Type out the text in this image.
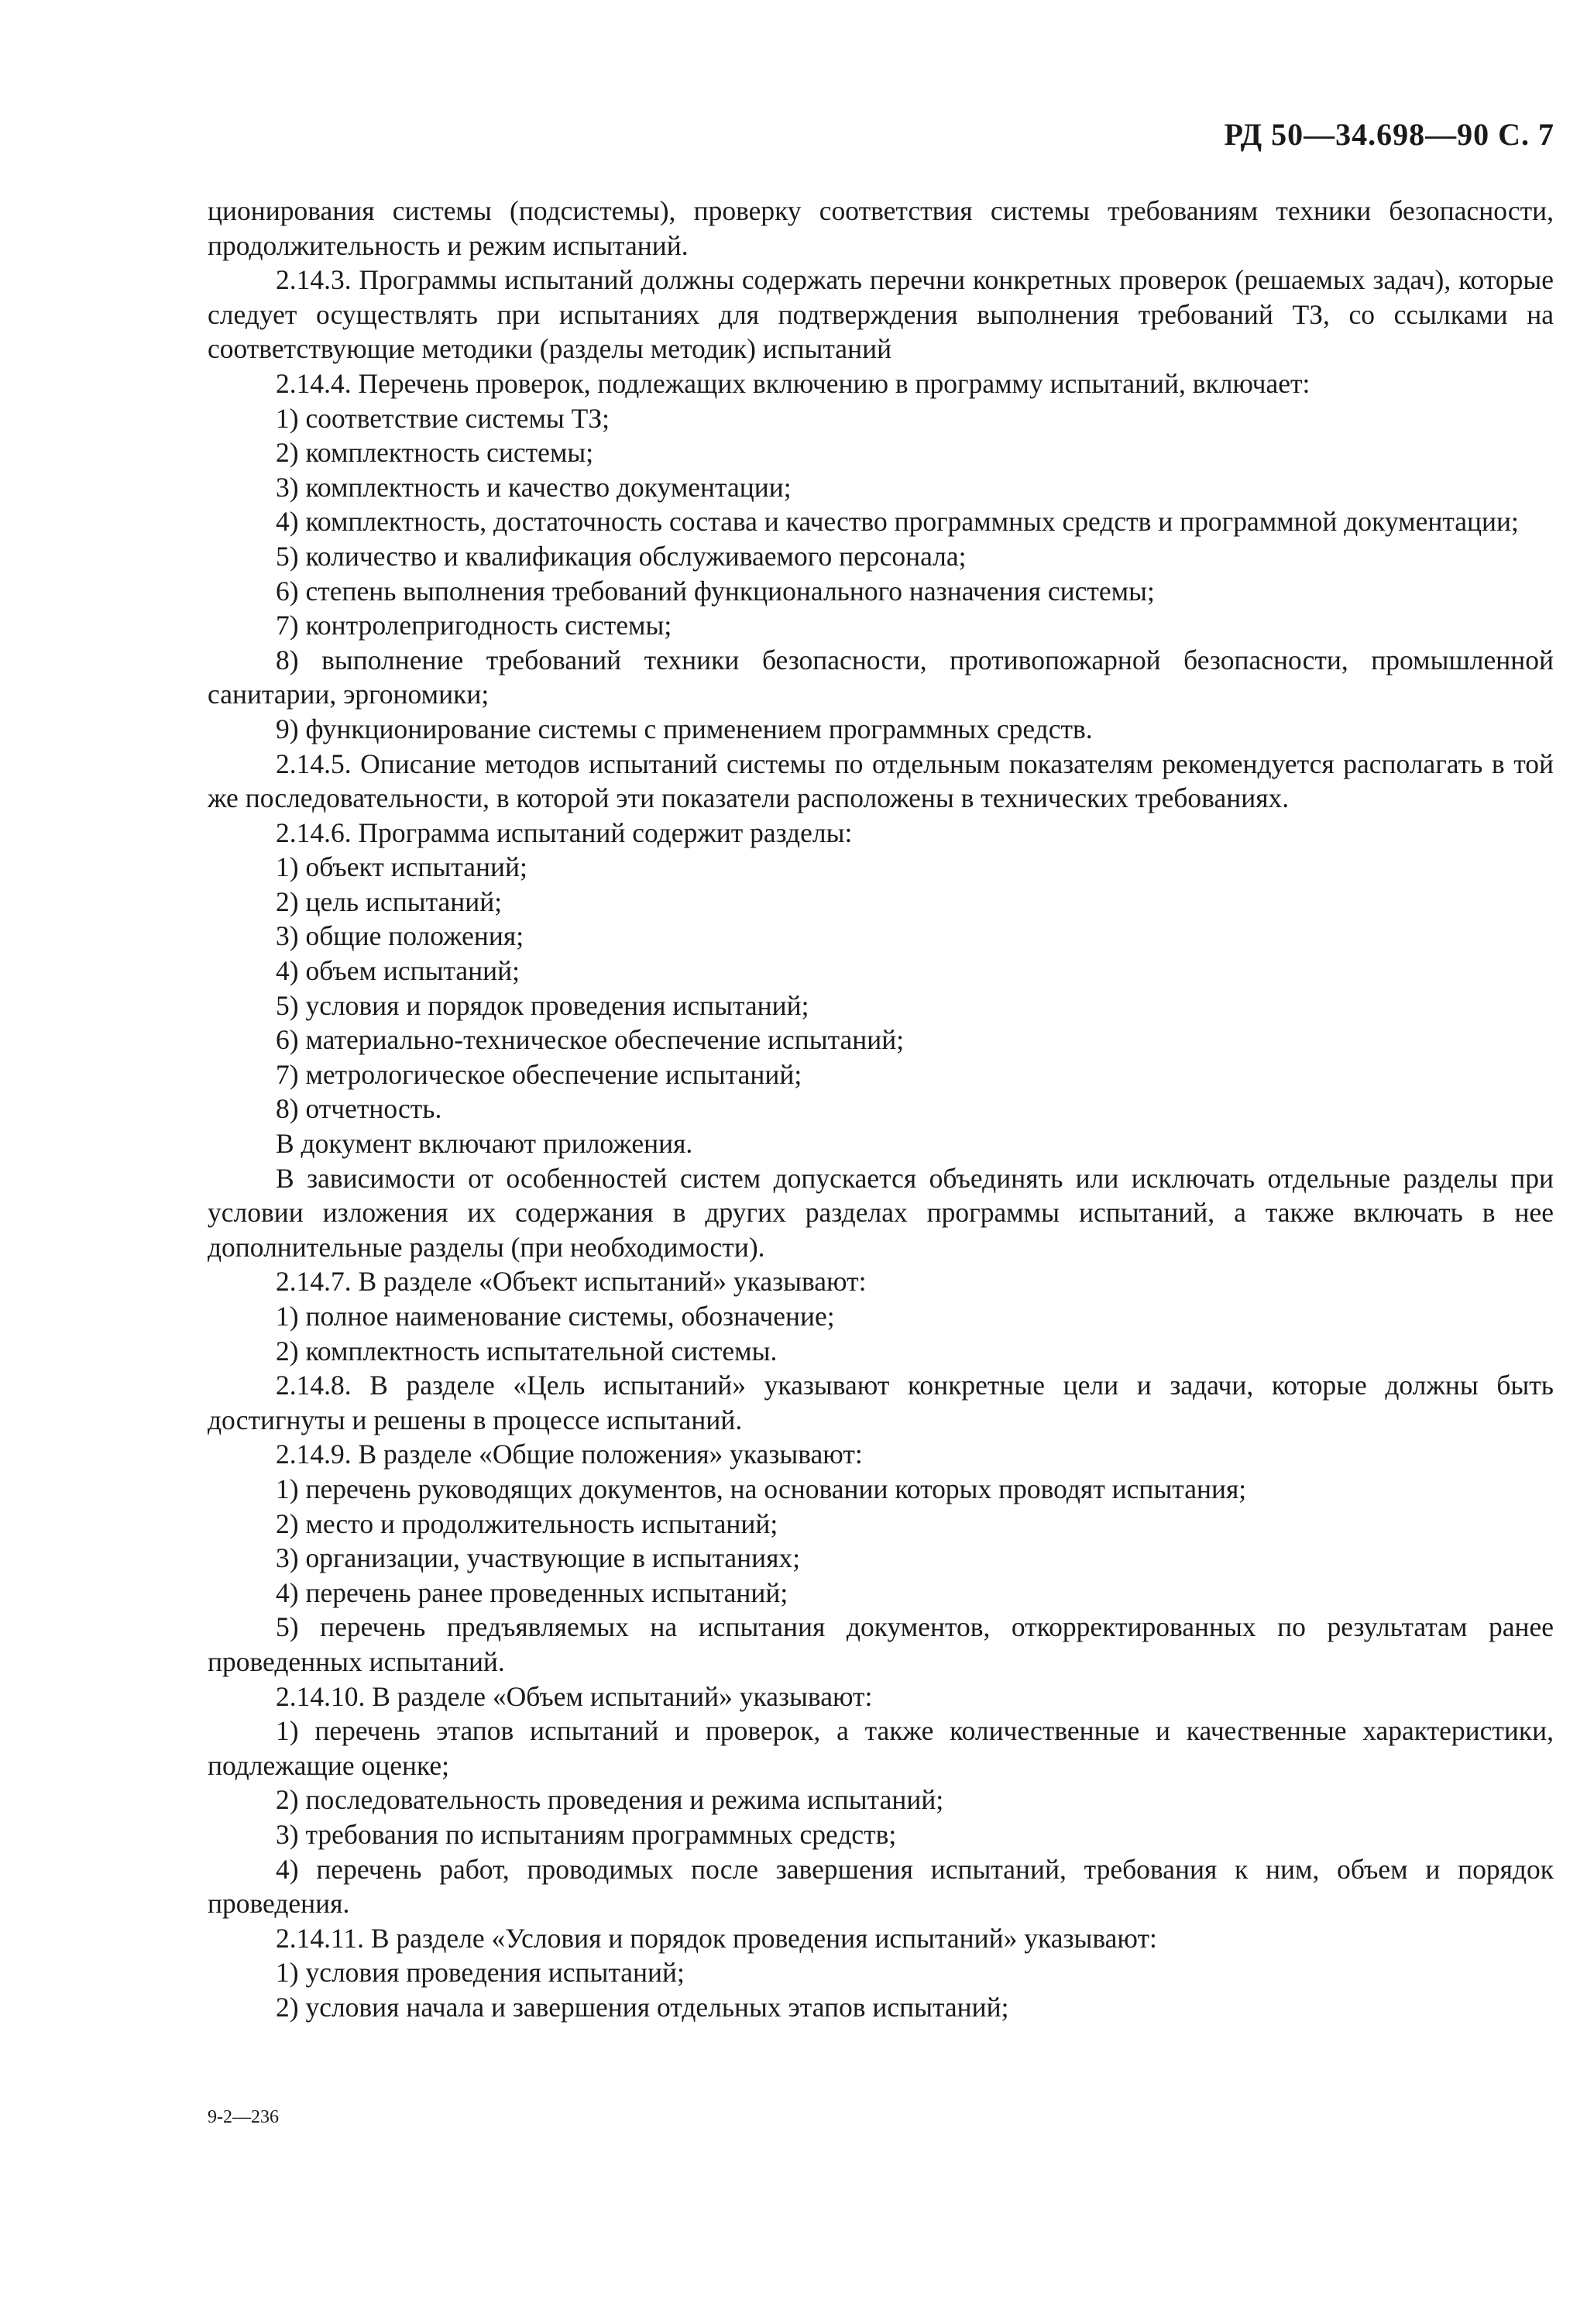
РД 50—34.698—90 С. 7

ционирования системы (подсистемы), проверку соответствия системы требованиям техники безопасности, продолжительность и режим испытаний.

2.14.3. Программы испытаний должны содержать перечни конкретных проверок (решаемых задач), которые следует осуществлять при испытаниях для подтверждения выполнения требований ТЗ, со ссылками на соответствующие методики (разделы методик) испытаний

2.14.4. Перечень проверок, подлежащих включению в программу испытаний, включает:

1) соответствие системы ТЗ;

2) комплектность системы;

3) комплектность и качество документации;

4) комплектность, достаточность состава и качество программных средств и программной документации;

5) количество и квалификация обслуживаемого персонала;

6) степень выполнения требований функционального назначения системы;

7) контролепригодность системы;

8) выполнение требований техники безопасности, противопожарной безопасности, промышленной санитарии, эргономики;

9) функционирование системы с применением программных средств.

2.14.5. Описание методов испытаний системы по отдельным показателям рекомендуется располагать в той же последовательности, в которой эти показатели расположены в технических требованиях.

2.14.6. Программа испытаний содержит разделы:

1) объект испытаний;

2) цель испытаний;

3) общие положения;

4) объем испытаний;

5) условия и порядок проведения испытаний;

6) материально-техническое обеспечение испытаний;

7) метрологическое обеспечение испытаний;

8) отчетность.

В документ включают приложения.

В зависимости от особенностей систем допускается объединять или исключать отдельные разделы при условии изложения их содержания в других разделах программы испытаний, а также включать в нее дополнительные разделы (при необходимости).

2.14.7. В разделе «Объект испытаний» указывают:

1) полное наименование системы, обозначение;

2) комплектность испытательной системы.

2.14.8. В разделе «Цель испытаний» указывают конкретные цели и задачи, которые должны быть достигнуты и решены в процессе испытаний.

2.14.9. В разделе «Общие положения» указывают:

1) перечень руководящих документов, на основании которых проводят испытания;

2) место и продолжительность испытаний;

3) организации, участвующие в испытаниях;

4) перечень ранее проведенных испытаний;

5) перечень предъявляемых на испытания документов, откорректированных по результатам ранее проведенных испытаний.

2.14.10. В разделе «Объем испытаний» указывают:

1) перечень этапов испытаний и проверок, а также количественные и качественные характеристики, подлежащие оценке;

2) последовательность проведения и режима испытаний;

3) требования по испытаниям программных средств;

4) перечень работ, проводимых после завершения испытаний, требования к ним, объем и порядок проведения.

2.14.11. В разделе «Условия и порядок проведения испытаний» указывают:

1) условия проведения испытаний;

2) условия начала и завершения отдельных этапов испытаний;

9-2—236
